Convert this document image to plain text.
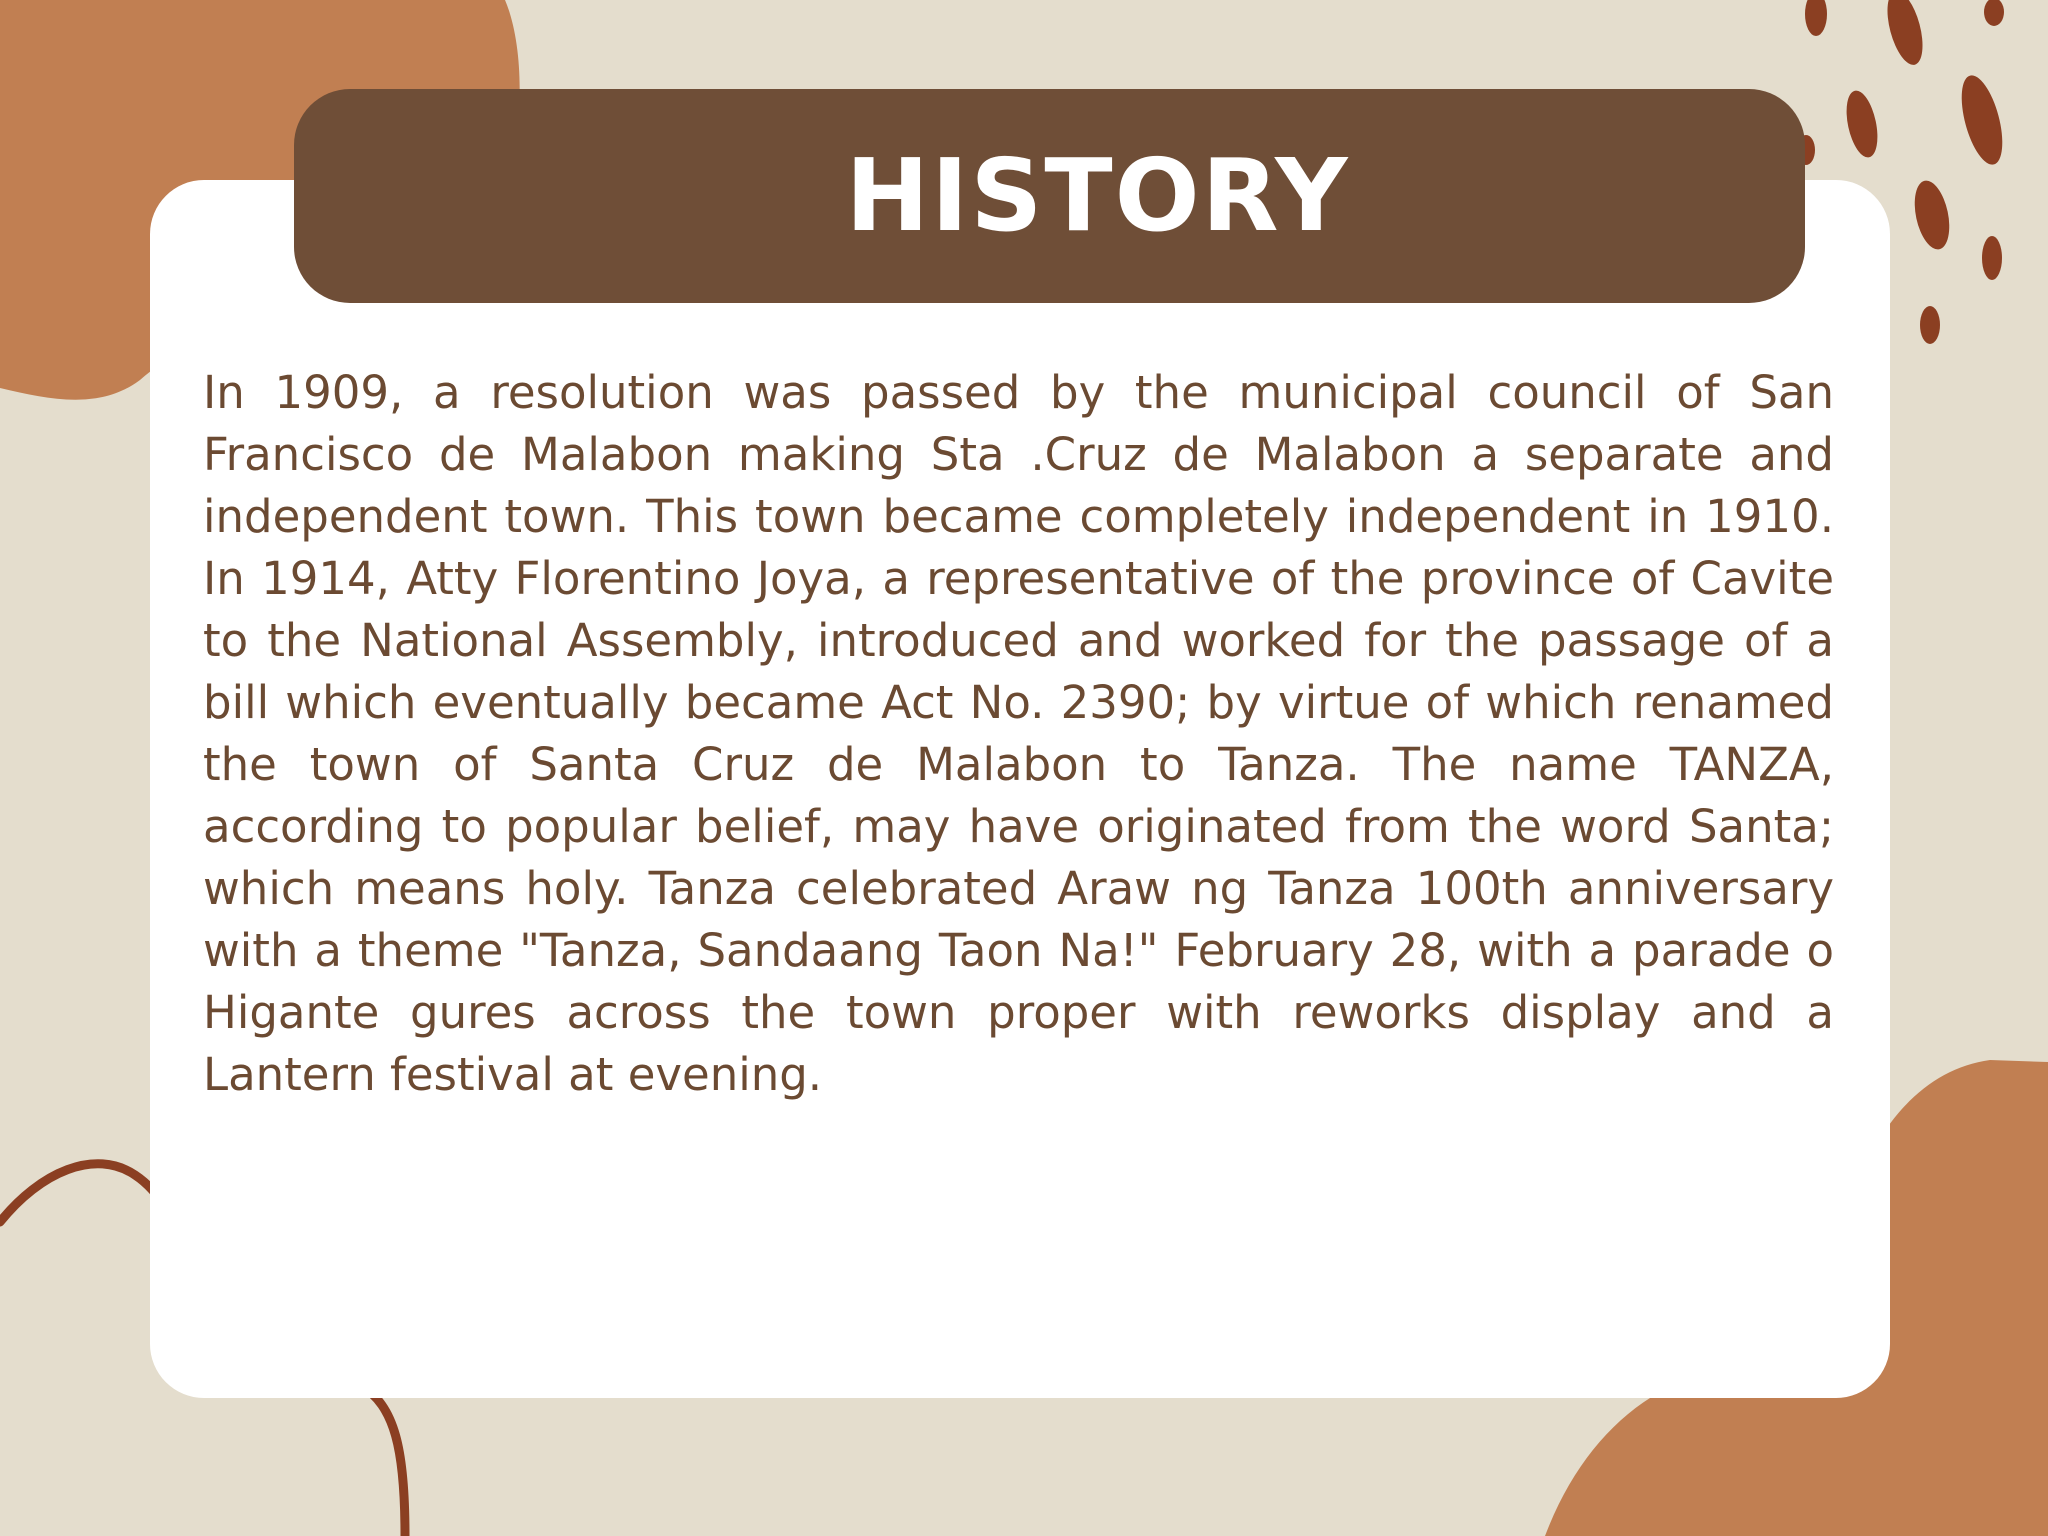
HISTORY

In 1909, a resolution was passed by the municipal council of San Francisco de Malabon making Sta .Cruz de Malabon a separate and independent town. This town became completely independent in 1910. In 1914, Atty Florentino Joya, a representative of the province of Cavite to the National Assembly, introduced and worked for the passage of a bill which eventually became Act No. 2390; by virtue of which renamed the town of Santa Cruz de Malabon to Tanza. The name TANZA, according to popular belief, may have originated from the word Santa; which means holy. Tanza celebrated Araw ng Tanza 100th anniversary with a theme "Tanza, Sandaang Taon Na!" February 28, with a parade o Higante gures across the town proper with reworks display and a Lantern festival at evening.
